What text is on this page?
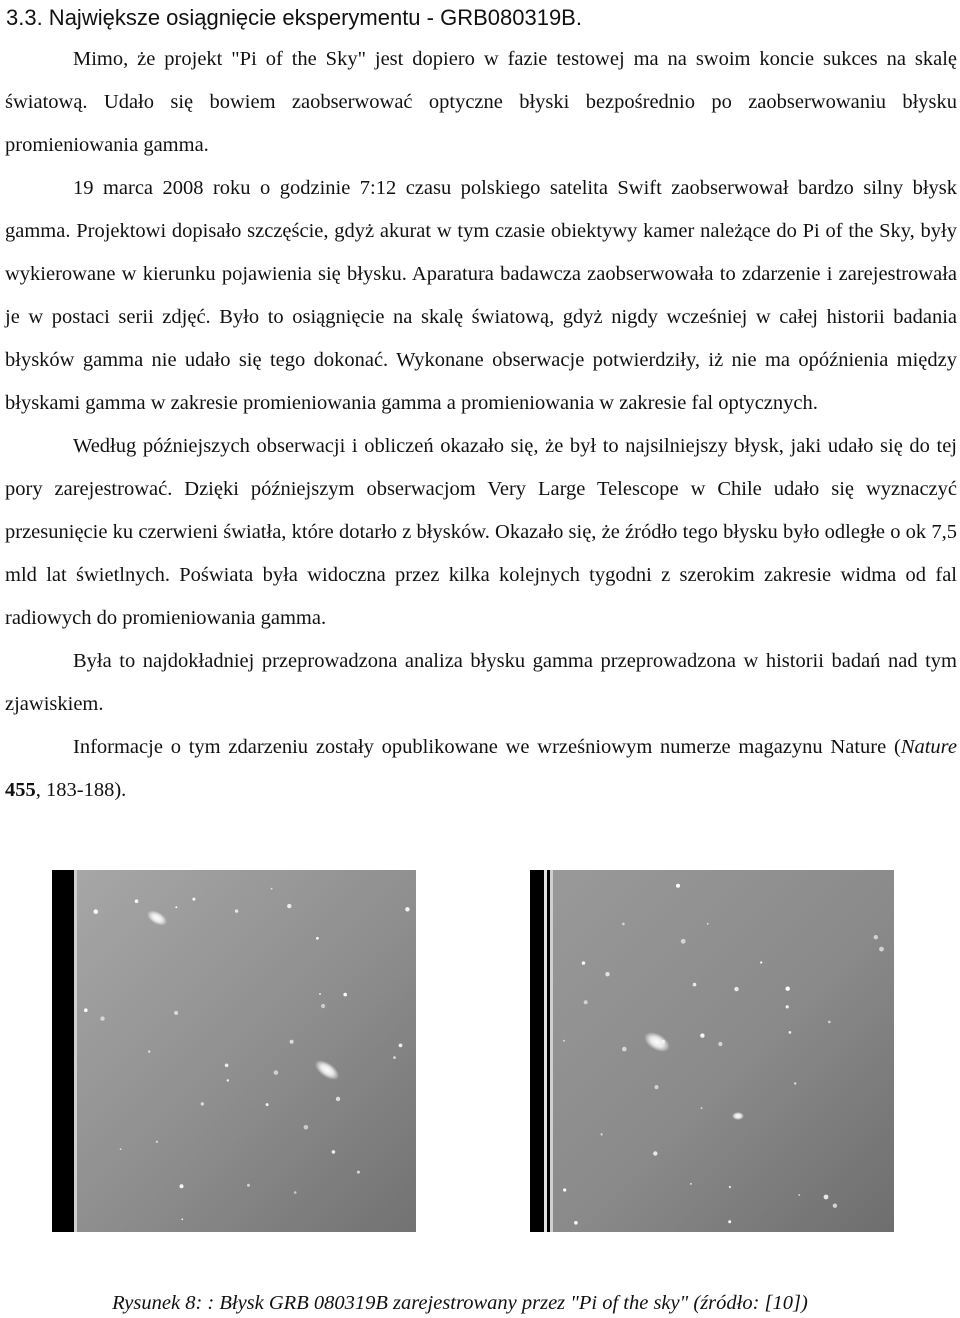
3.3. Największe osiągnięcie eksperymentu - GRB080319B.

Mimo, że projekt "Pi of the Sky" jest dopiero w fazie testowej ma na swoim koncie sukces na skalę światową. Udało się bowiem zaobserwować optyczne błyski bezpośrednio po zaobserwowaniu błysku promieniowania gamma.

19 marca 2008 roku o godzinie 7:12 czasu polskiego satelita Swift zaobserwował bardzo silny błysk gamma. Projektowi dopisało szczęście, gdyż akurat w tym czasie obiektywy kamer należące do Pi of the Sky, były wykierowane w kierunku pojawienia się błysku. Aparatura badawcza zaobserwowała to zdarzenie i zarejestrowała je w postaci serii zdjęć. Było to osiągnięcie na skalę światową, gdyż nigdy wcześniej w całej historii badania błysków gamma nie udało się tego dokonać. Wykonane obserwacje potwierdziły, iż nie ma opóźnienia między błyskami gamma w zakresie promieniowania gamma a promieniowania w zakresie fal optycznych.

Według późniejszych obserwacji i obliczeń okazało się, że był to najsilniejszy błysk, jaki udało się do tej pory zarejestrować. Dzięki późniejszym obserwacjom Very Large Telescope w Chile udało się wyznaczyć przesunięcie ku czerwieni światła, które dotarło z błysków. Okazało się, że źródło tego błysku było odległe o ok 7,5 mld lat świetlnych. Poświata była widoczna przez kilka kolejnych tygodni z szerokim zakresie widma od fal radiowych do promieniowania gamma.

Była to najdokładniej przeprowadzona analiza błysku gamma przeprowadzona w historii badań nad tym zjawiskiem.

Informacje o tym zdarzeniu zostały opublikowane we wrześniowym numerze magazynu Nature (Nature 455, 183-188).

Rysunek 8: : Błysk GRB 080319B zarejestrowany przez "Pi of the sky" (źródło: [10])
